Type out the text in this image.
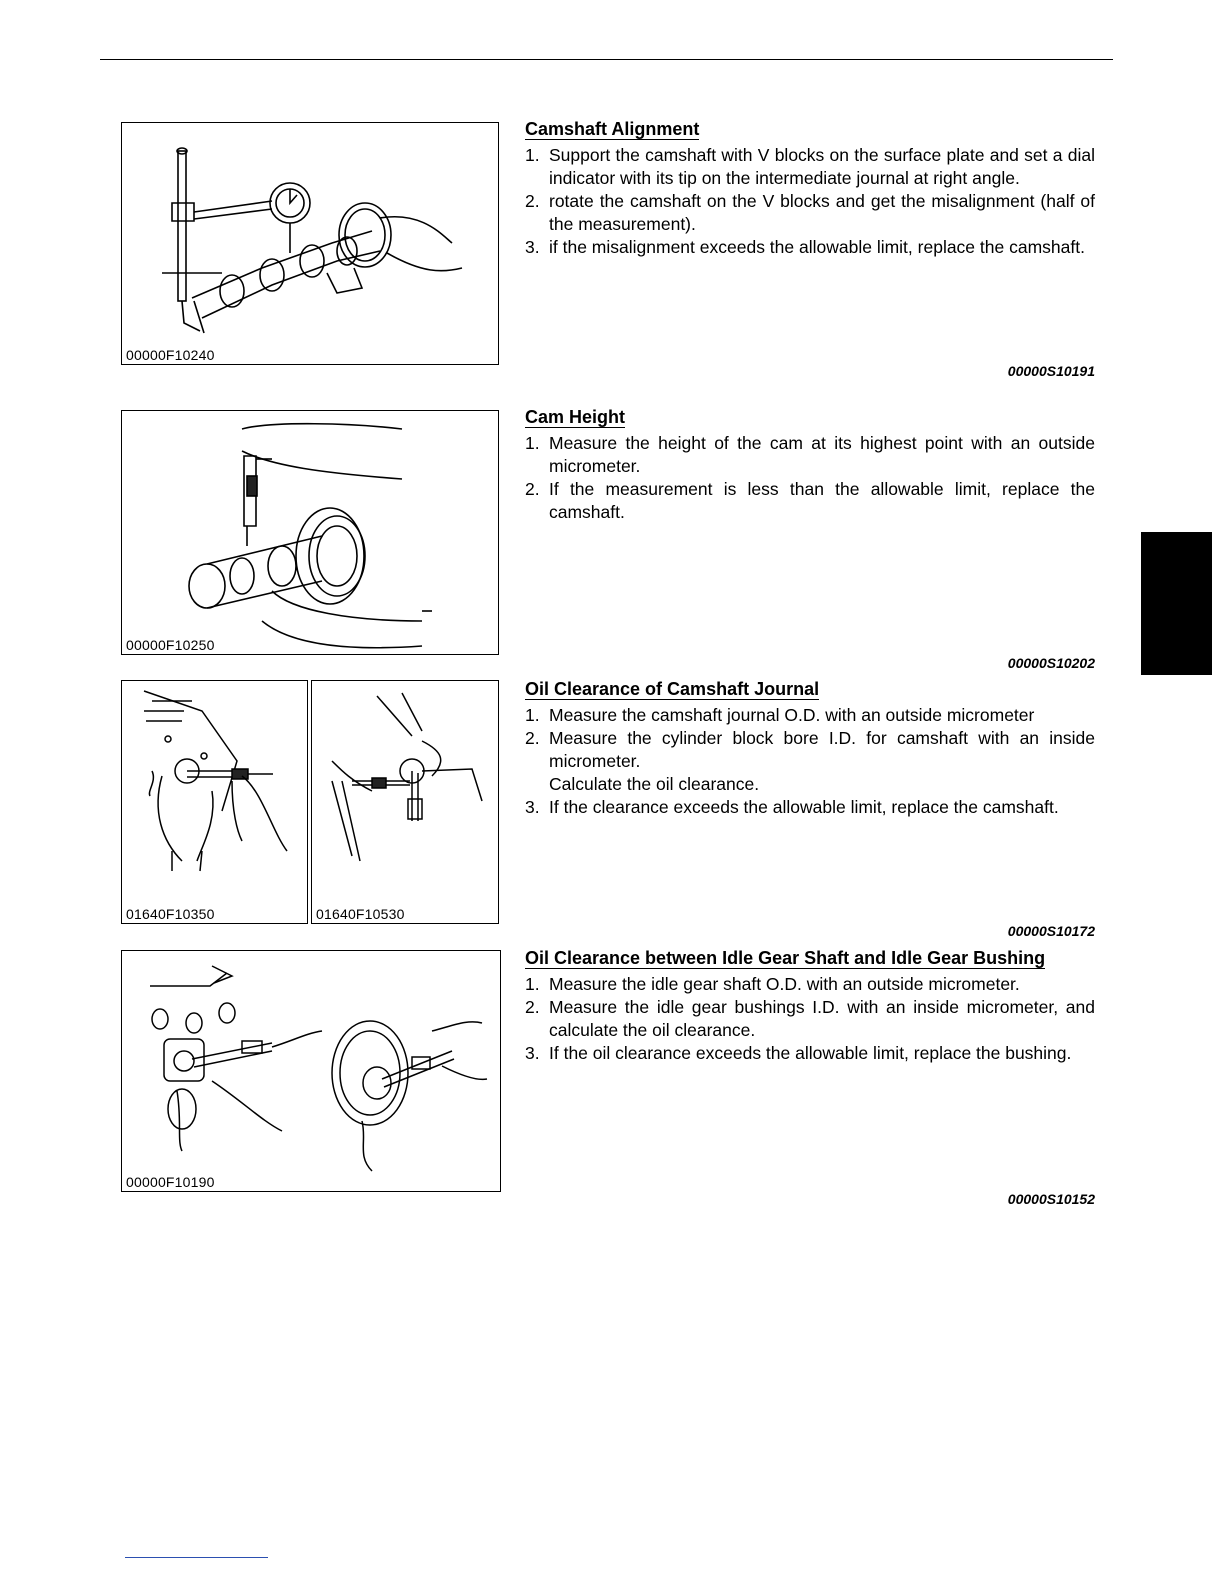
00000F10240
00000F10250
01640F10350	01640F10530
00000F10190
Camshaft Alignment
1. Support the camshaft with V blocks on the surface plate and set a dial indicator with its tip on the intermediate journal at right angle.
2. rotate the camshaft on the V blocks and get the misalignment (half of the measurement).
3. if the misalignment exceeds the allowable limit, replace the camshaft.
00000S10191
Cam Height
1. Measure the height of the cam at its highest point with an outside micrometer.
2. If the measurement is less than the allowable limit, replace the camshaft.
00000S10202
Oil Clearance of Camshaft Journal
1. Measure the camshaft journal O.D. with an outside micrometer
2. Measure the cylinder block bore I.D. for camshaft with an inside micrometer.
Calculate the oil clearance.
3. If the clearance exceeds the allowable limit, replace the camshaft.
00000S10172
Oil Clearance between Idle Gear Shaft and Idle Gear Bushing
1. Measure the idle gear shaft O.D. with an outside micrometer.
2. Measure the idle gear bushings I.D. with an inside micrometer, and calculate the oil clearance.
3. If the oil clearance exceeds the allowable limit, replace the bushing.
00000S10152
